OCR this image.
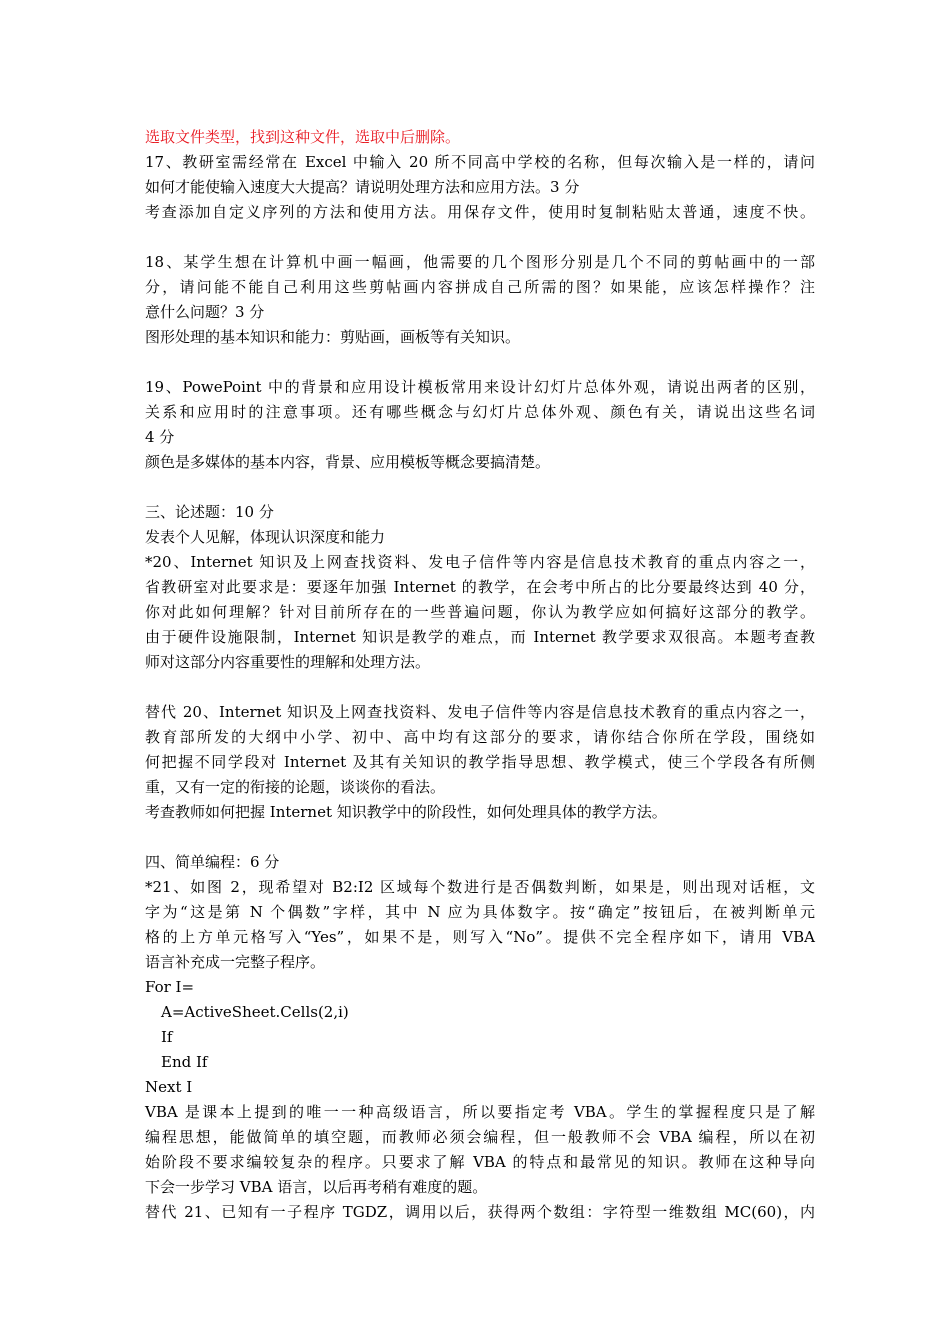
选取文件类型，找到这种文件，选取中后删除。
17、教研室需经常在 Excel 中输入 20 所不同高中学校的名称，但每次输入是一样的，请问
如何才能使输入速度大大提高？请说明处理方法和应用方法。3 分
考查添加自定义序列的方法和使用方法。用保存文件，使用时复制粘贴太普通，速度不快。
18、某学生想在计算机中画一幅画，他需要的几个图形分别是几个不同的剪帖画中的一部
分，请问能不能自己利用这些剪帖画内容拼成自己所需的图？如果能，应该怎样操作？注
意什么问题？3 分
图形处理的基本知识和能力：剪贴画，画板等有关知识。
19、PowePoint 中的背景和应用设计模板常用来设计幻灯片总体外观，请说出两者的区别，
关系和应用时的注意事项。还有哪些概念与幻灯片总体外观、颜色有关，请说出这些名词
4 分
颜色是多媒体的基本内容，背景、应用模板等概念要搞清楚。
三、论述题：10 分
发表个人见解，体现认识深度和能力
*20、Internet 知识及上网查找资料、发电子信件等内容是信息技术教育的重点内容之一，
省教研室对此要求是：要逐年加强 Internet 的教学，在会考中所占的比分要最终达到 40 分，
你对此如何理解？针对目前所存在的一些普遍问题，你认为教学应如何搞好这部分的教学。
由于硬件设施限制，Internet 知识是教学的难点，而 Internet 教学要求双很高。本题考查教
师对这部分内容重要性的理解和处理方法。
替代 20、Internet 知识及上网查找资料、发电子信件等内容是信息技术教育的重点内容之一，
教育部所发的大纲中小学、初中、高中均有这部分的要求，请你结合你所在学段，围绕如
何把握不同学段对 Internet 及其有关知识的教学指导思想、教学模式，使三个学段各有所侧
重，又有一定的衔接的论题，谈谈你的看法。
考查教师如何把握 Internet 知识教学中的阶段性，如何处理具体的教学方法。
四、简单编程：6 分
*21、如图 2，现希望对 B2:I2 区域每个数进行是否偶数判断，如果是，则出现对话框，文
字为“这是第 N 个偶数”字样，其中 N 应为具体数字。按“确定”按钮后，在被判断单元
格的上方单元格写入“Yes”，如果不是，则写入“No”。提供不完全程序如下，请用 VBA
语言补充成一完整子程序。
For I=
A=ActiveSheet.Cells(2,i)
If
End If
Next I
VBA 是课本上提到的唯一一种高级语言，所以要指定考 VBA。学生的掌握程度只是了解
编程思想，能做简单的填空题，而教师必须会编程，但一般教师不会 VBA 编程，所以在初
始阶段不要求编较复杂的程序。只要求了解 VBA 的特点和最常见的知识。教师在这种导向
下会一步学习 VBA 语言，以后再考稍有难度的题。
替代 21、已知有一子程序 TGDZ，调用以后，获得两个数组：字符型一维数组 MC(60)，内
